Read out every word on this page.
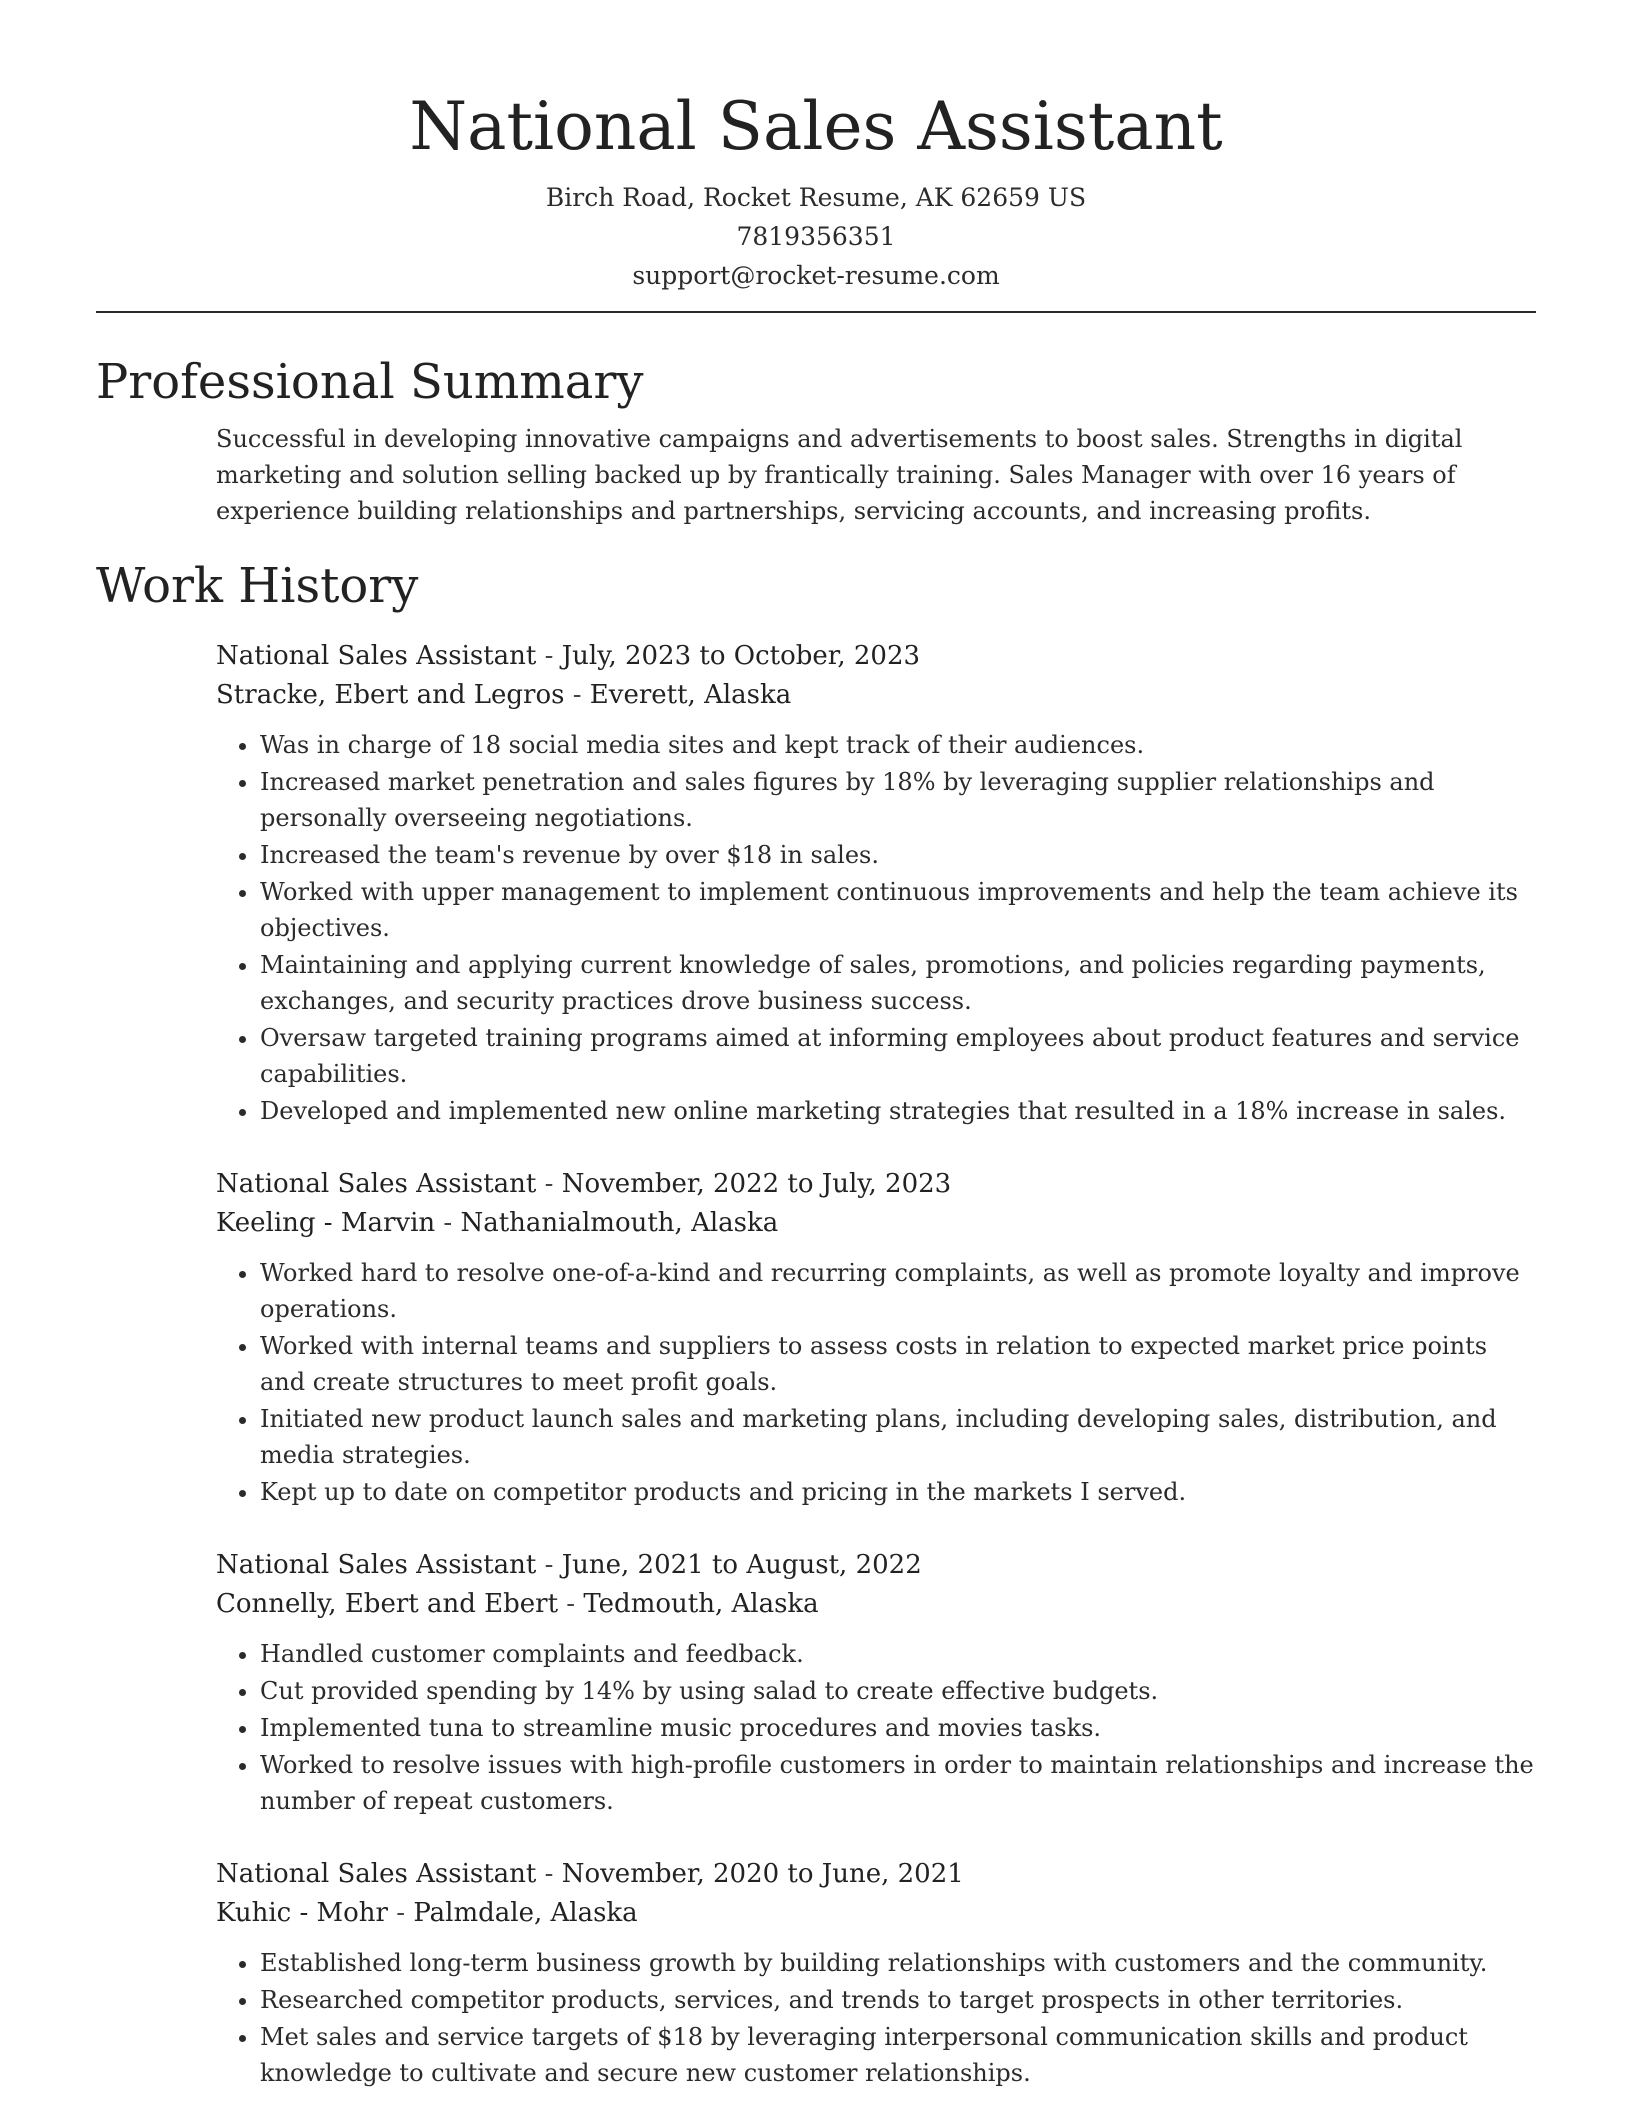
National Sales Assistant
Birch Road, Rocket Resume, AK 62659 US
7819356351
support@rocket-resume.com
Professional Summary

Successful in developing innovative campaigns and advertisements to boost sales. Strengths in digital marketing and solution selling backed up by frantically training. Sales Manager with over 16 years of experience building relationships and partnerships, servicing accounts, and increasing profits.

Work History
National Sales Assistant - July, 2023 to October, 2023
Stracke, Ebert and Legros - Everett, Alaska
• Was in charge of 18 social media sites and kept track of their audiences.
• Increased market penetration and sales figures by 18% by leveraging supplier relationships and personally overseeing negotiations.
• Increased the team's revenue by over $18 in sales.
• Worked with upper management to implement continuous improvements and help the team achieve its objectives.
• Maintaining and applying current knowledge of sales, promotions, and policies regarding payments, exchanges, and security practices drove business success.
• Oversaw targeted training programs aimed at informing employees about product features and service capabilities.
• Developed and implemented new online marketing strategies that resulted in a 18% increase in sales.
National Sales Assistant - November, 2022 to July, 2023
Keeling - Marvin - Nathanialmouth, Alaska
• Worked hard to resolve one-of-a-kind and recurring complaints, as well as promote loyalty and improve operations.
• Worked with internal teams and suppliers to assess costs in relation to expected market price points and create structures to meet profit goals.
• Initiated new product launch sales and marketing plans, including developing sales, distribution, and media strategies.
• Kept up to date on competitor products and pricing in the markets I served.
National Sales Assistant - June, 2021 to August, 2022
Connelly, Ebert and Ebert - Tedmouth, Alaska
• Handled customer complaints and feedback.
• Cut provided spending by 14% by using salad to create effective budgets.
• Implemented tuna to streamline music procedures and movies tasks.
• Worked to resolve issues with high-profile customers in order to maintain relationships and increase the number of repeat customers.
National Sales Assistant - November, 2020 to June, 2021
Kuhic - Mohr - Palmdale, Alaska
• Established long-term business growth by building relationships with customers and the community.
• Researched competitor products, services, and trends to target prospects in other territories.
• Met sales and service targets of $18 by leveraging interpersonal communication skills and product knowledge to cultivate and secure new customer relationships.
